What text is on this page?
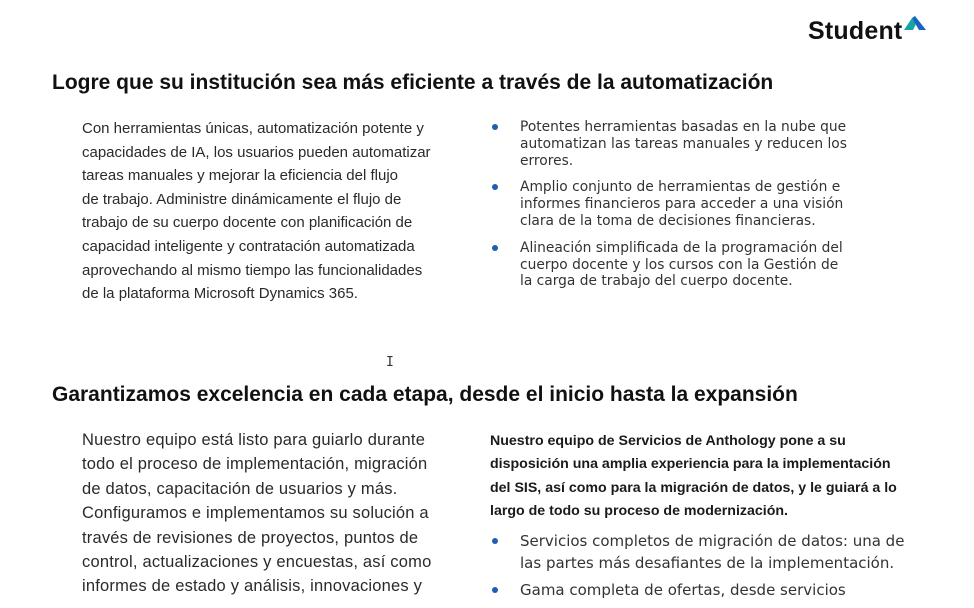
Student
Logre que su institución sea más eficiente a través de la automatización

Con herramientas únicas, automatización potente y
capacidades de IA, los usuarios pueden automatizar
tareas manuales y mejorar la eficiencia del flujo
de trabajo. Administre dinámicamente el flujo de
trabajo de su cuerpo docente con planificación de
capacidad inteligente y contratación automatizada
aprovechando al mismo tiempo las funcionalidades
de la plataforma Microsoft Dynamics 365.

Potentes herramientas basadas en la nube que
automatizan las tareas manuales y reducen los
errores.
Amplio conjunto de herramientas de gestión e
informes financieros para acceder a una visión
clara de la toma de decisiones financieras.
Alineación simplificada de la programación del
cuerpo docente y los cursos con la Gestión de
la carga de trabajo del cuerpo docente.
I
Garantizamos excelencia en cada etapa, desde el inicio hasta la expansión

Nuestro equipo está listo para guiarlo durante
todo el proceso de implementación, migración
de datos, capacitación de usuarios y más.
Configuramos e implementamos su solución a
través de revisiones de proyectos, puntos de
control, actualizaciones y encuestas, así como
informes de estado y análisis, innovaciones y

Nuestro equipo de Servicios de Anthology pone a su
disposición una amplia experiencia para la implementación
del SIS, así como para la migración de datos, y le guiará a lo
largo de todo su proceso de modernización.

Servicios completos de migración de datos: una de
las partes más desafiantes de la implementación.
Gama completa de ofertas, desde servicios
